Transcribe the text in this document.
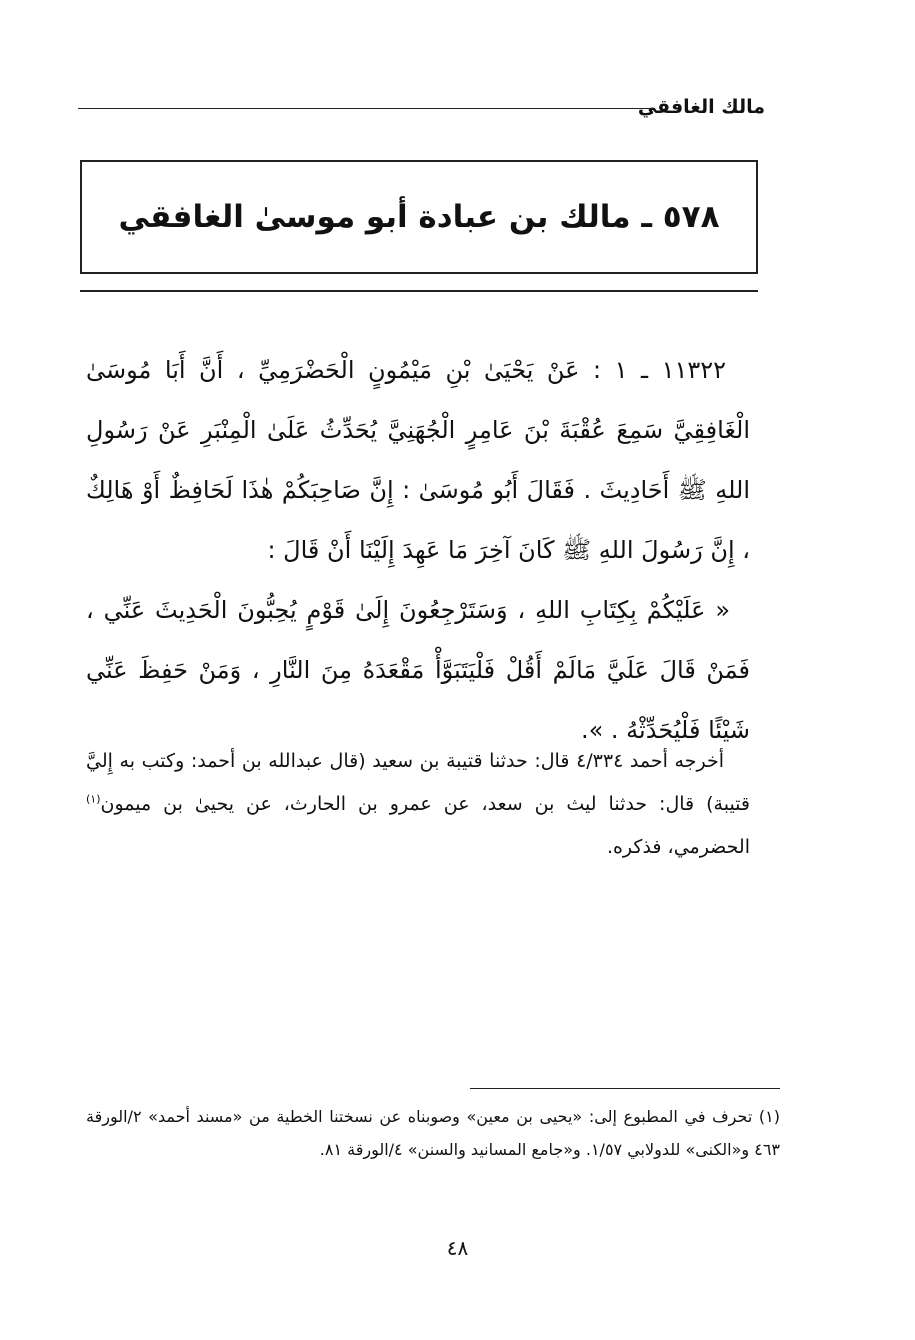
مالك الغافقي
٥٧٨ ـ مالك بن عبادة أبو موسىٰ الغافقي

١١٣٢٢ ـ ١ : عَنْ يَحْيَىٰ بْنِ مَيْمُونٍ الْحَضْرَمِيِّ ، أَنَّ أَبَا مُوسَىٰ الْغَافِقِيَّ سَمِعَ عُقْبَةَ بْنَ عَامِرٍ الْجُهَنِيَّ يُحَدِّثُ عَلَىٰ الْمِنْبَرِ عَنْ رَسُولِ اللهِ ﷺ أَحَادِيثَ . فَقَالَ أَبُو مُوسَىٰ : إِنَّ صَاحِبَكُمْ هٰذَا لَحَافِظٌ أَوْ هَالِكٌ ، إِنَّ رَسُولَ اللهِ ﷺ كَانَ آخِرَ مَا عَهِدَ إِلَيْنَا أَنْ قَالَ :

« عَلَيْكُمْ بِكِتَابِ اللهِ ، وَسَتَرْجِعُونَ إِلَىٰ قَوْمٍ يُحِبُّونَ الْحَدِيثَ عَنِّي ، فَمَنْ قَالَ عَلَيَّ مَالَمْ أَقُلْ فَلْيَتَبَوَّأْ مَقْعَدَهُ مِنَ النَّارِ ، وَمَنْ حَفِظَ عَنِّي شَيْئًا فَلْيُحَدِّثْهُ . ».

أخرجه أحمد ٤/٣٣٤ قال: حدثنا قتيبة بن سعيد (قال عبدالله بن أحمد: وكتب به إِليَّ قتيبة) قال: حدثنا ليث بن سعد، عن عمرو بن الحارث، عن يحيىٰ بن ميمون$^{(١)}$ الحضرمي، فذكره.

(١) تحرف في المطبوع إلى: «يحيى بن معين» وصوبناه عن نسختنا الخطية من «مسند أحمد» ٢/الورقة ٤٦٣ و«الكنى» للدولابي ١/٥٧. و«جامع المسانيد والسنن» ٤/الورقة ٨١.

٤٨
